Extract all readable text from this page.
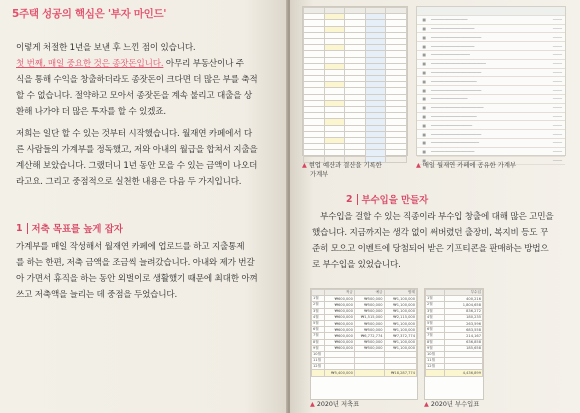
5주택 성공의 핵심은 '부자 마인드'
이렇게 처절한 1년을 보낸 후 느낀 점이 있습니다.
첫 번째, 매일 중요한 것은 종잣돈입니다. 아무리 부동산이나 주
식을 통해 수익을 창출하더라도 종잣돈이 크다면 더 많은 부를 축적
할 수 없습니다. 절약하고 모아서 종잣돈을 계속 불리고 대출을 상
환해 나가야 더 많은 투자를 할 수 있겠죠.
저희는 일단 할 수 있는 것부터 시작했습니다. 월재연 카페에서 다
른 사람들의 가계부를 정독했고, 저와 아내의 월급을 합쳐서 지출을
계산해 보았습니다. 그랬더니 1년 동안 모을 수 있는 금액이 나오더
라고요. 그리고 중점적으로 실천한 내용은 다음 두 가지입니다.
1 저축 목표를 높게 잡자
가계부를 매일 작성해서 월재연 카페에 업로드를 하고 지출통제
를 하는 한편, 저축 금액을 조금씩 늘려갔습니다. 아내와 제가 번갈
아 가면서 휴직을 하는 동안 외벌이로 생활했기 때문에 최대한 아껴
쓰고 저축액을 늘리는 데 중점을 두었습니다.

■	────────────────	────
■	───────────────────	────
■	──────────────────────	────
■	───────────────────	────
■	─────────────────	────
■	────────────────────────	────
■	──────────────────────	────
■	────────────────────	────
■	──────────────────────	────
■	────────────────	────
■	───────────────────────	────
■	────────────────────	────
■	──────────────────	────
■	──────────────────────	────
■	─────────────────────	────
■	───────────────────	────
■	──────────────────────	────
▲ 현업 예산과 결산을 기록한
가계부
▲ 매일 월재연 카페에 공유한 가계부
2 부수입을 만들자
부수입을 걸할 수 있는 직종이라 부수입 창출에 대해 많은 고민을
했습니다. 지금까지는 생각 없이 써버렸던 출장비, 복지비 등도 꾸
준히 모으고 이벤트에 당첨되어 받은 기프티콘을 판매하는 방법으
로 부수입을 있었습니다.
	적금	예금	합계
1월	₩600,000	₩500,000	₩1,100,000
2월	₩600,000	₩500,000	₩1,100,000
3월	₩600,000	₩500,000	₩1,100,000
4월	₩600,000	₩1,515,000	₩2,115,000
5월	₩600,000	₩500,000	₩1,100,000
6월	₩600,000	₩500,000	₩1,100,000
7월	₩600,000	₩6,772,774	₩7,372,774
8월	₩600,000	₩500,000	₩1,100,000
9월	₩600,000	₩500,000	₩1,100,000
10월			
11월			
12월			
	₩5,400,000		₩18,287,774
	부수입
1월	400,216
2월	1,804,658
3월	836,272
4월	180,235
5월	263,596
6월	683,558
7월	214,167
8월	636,858
9월	185,658
10월	
11월	
12월	
	4,436,899
▲ 2020년 저축표	▲ 2020년 부수입표
